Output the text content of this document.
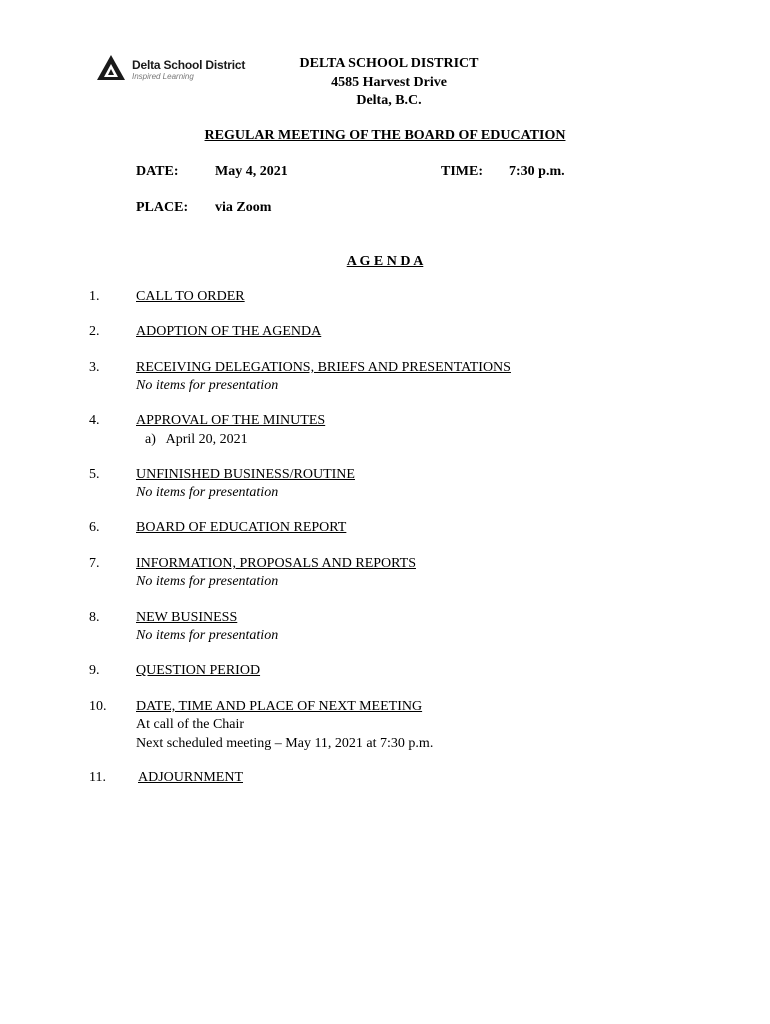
Delta School District
Inspired Learning
DELTA SCHOOL DISTRICT
4585 Harvest Drive
Delta, B.C.
REGULAR MEETING OF THE BOARD OF EDUCATION
DATE:	May 4, 2021	TIME: 7:30 p.m.
PLACE: via Zoom
A G E N D A
1.	CALL TO ORDER
2.	ADOPTION OF THE AGENDA
3.	RECEIVING DELEGATIONS, BRIEFS AND PRESENTATIONS
No items for presentation
4.	APPROVAL OF THE MINUTES
a)   April 20, 2021
5.	UNFINISHED BUSINESS/ROUTINE
No items for presentation
6.	BOARD OF EDUCATION REPORT
7.	INFORMATION, PROPOSALS AND REPORTS
No items for presentation
8.	NEW BUSINESS
No items for presentation
9.	QUESTION PERIOD
10. DATE, TIME AND PLACE OF NEXT MEETING
At call of the Chair
Next scheduled meeting – May 11, 2021 at 7:30 p.m.
11. ADJOURNMENT
